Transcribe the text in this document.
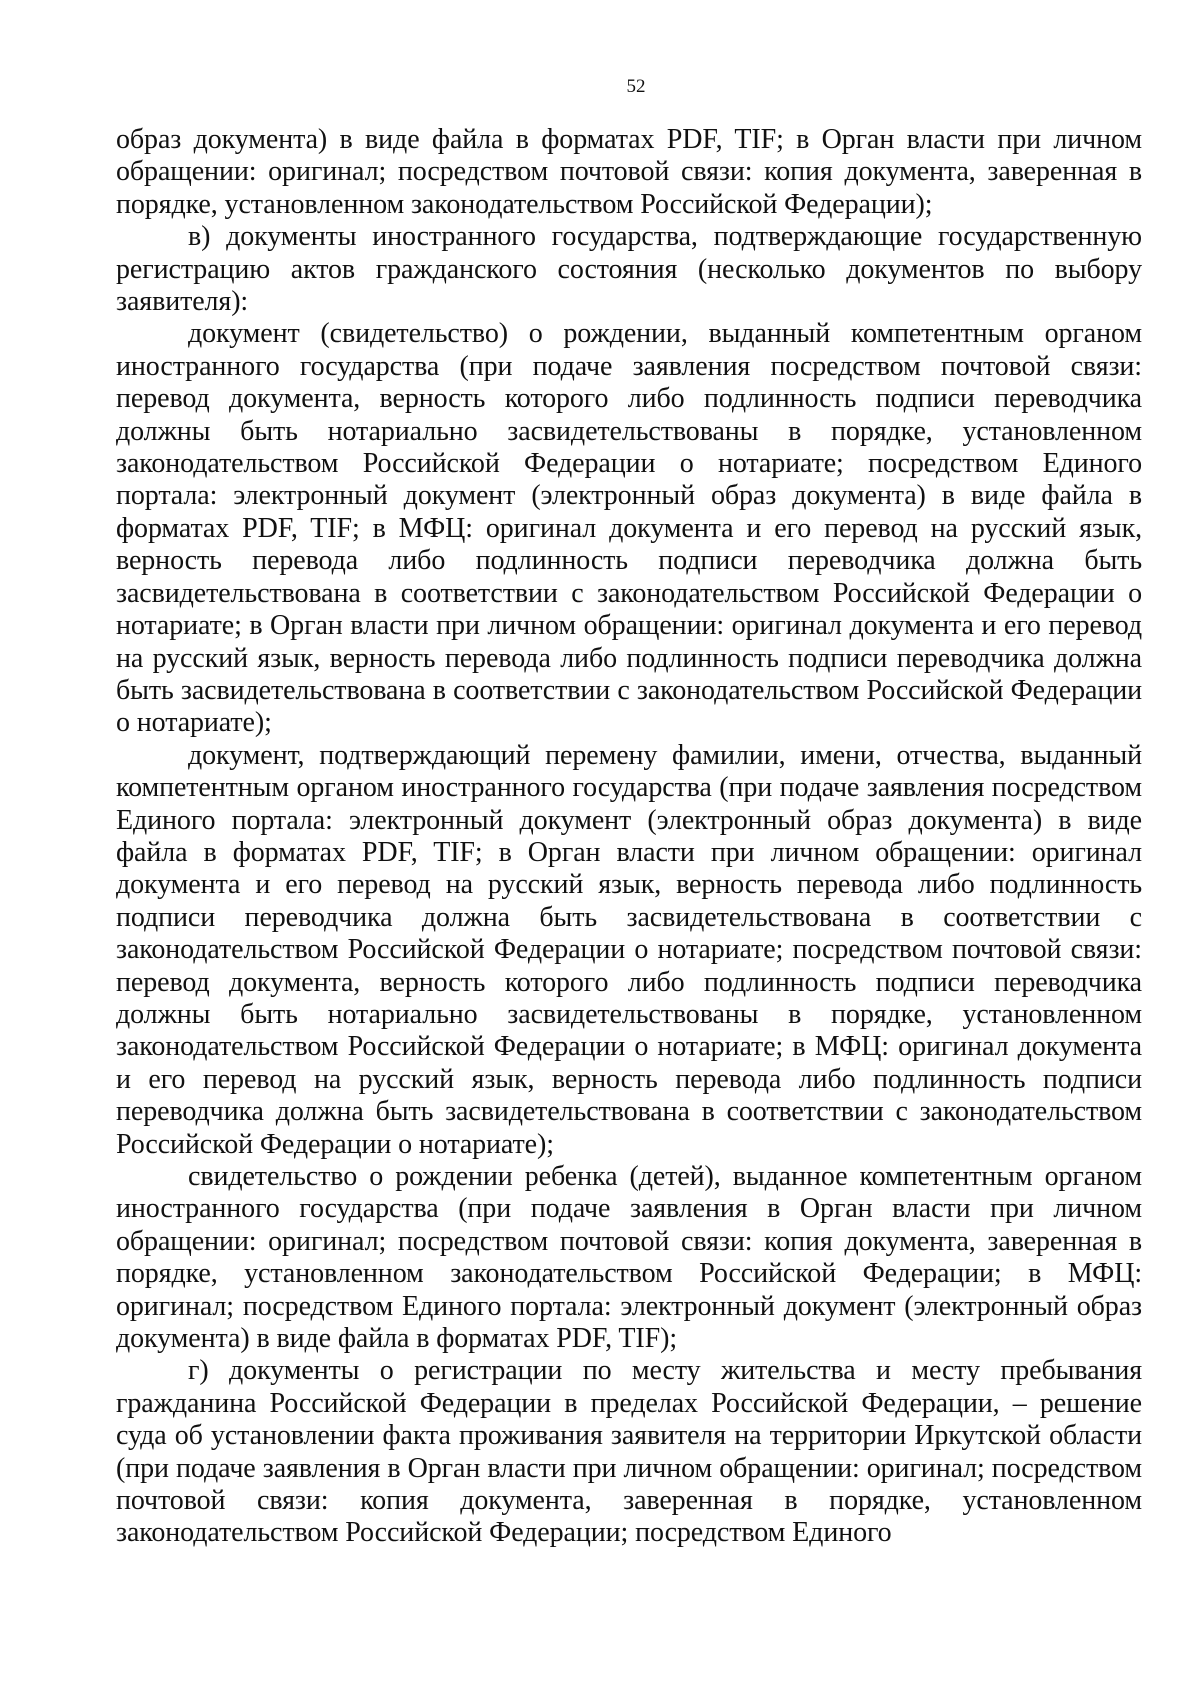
52

образ документа) в виде файла в форматах PDF, TIF; в Орган власти при личном обращении: оригинал; посредством почтовой связи: копия документа, заверенная в порядке, установленном законодательством Российской Федерации);

в) документы иностранного государства, подтверждающие государственную регистрацию актов гражданского состояния (несколько документов по выбору заявителя):

документ (свидетельство) о рождении, выданный компетентным органом иностранного государства (при подаче заявления посредством почтовой связи: перевод документа, верность которого либо подлинность подписи переводчика должны быть нотариально засвидетельствованы в порядке, установленном законодательством Российской Федерации о нотариате; посредством Единого портала: электронный документ (электронный образ документа) в виде файла в форматах PDF, TIF; в МФЦ: оригинал документа и его перевод на русский язык, верность перевода либо подлинность подписи переводчика должна быть засвидетельствована в соответствии с законодательством Российской Федерации о нотариате; в Орган власти при личном обращении: оригинал документа и его перевод на русский язык, верность перевода либо подлинность подписи переводчика должна быть засвидетельствована в соответствии с законодательством Российской Федерации о нотариате);

документ, подтверждающий перемену фамилии, имени, отчества, выданный компетентным органом иностранного государства (при подаче заявления посредством Единого портала: электронный документ (электронный образ документа) в виде файла в форматах PDF, TIF; в Орган власти при личном обращении: оригинал документа и его перевод на русский язык, верность перевода либо подлинность подписи переводчика должна быть засвидетельствована в соответствии с законодательством Российской Федерации о нотариате; посредством почтовой связи: перевод документа, верность которого либо подлинность подписи переводчика должны быть нотариально засвидетельствованы в порядке, установленном законодательством Российской Федерации о нотариате; в МФЦ: оригинал документа и его перевод на русский язык, верность перевода либо подлинность подписи переводчика должна быть засвидетельствована в соответствии с законодательством Российской Федерации о нотариате);

свидетельство о рождении ребенка (детей), выданное компетентным органом иностранного государства (при подаче заявления в Орган власти при личном обращении: оригинал; посредством почтовой связи: копия документа, заверенная в порядке, установленном законодательством Российской Федерации; в МФЦ: оригинал; посредством Единого портала: электронный документ (электронный образ документа) в виде файла в форматах PDF, TIF);

г) документы о регистрации по месту жительства и месту пребывания гражданина Российской Федерации в пределах Российской Федерации, – решение суда об установлении факта проживания заявителя на территории Иркутской области (при подаче заявления в Орган власти при личном обращении: оригинал; посредством почтовой связи: копия документа, заверенная в порядке, установленном законодательством Российской Федерации; посредством Единого
